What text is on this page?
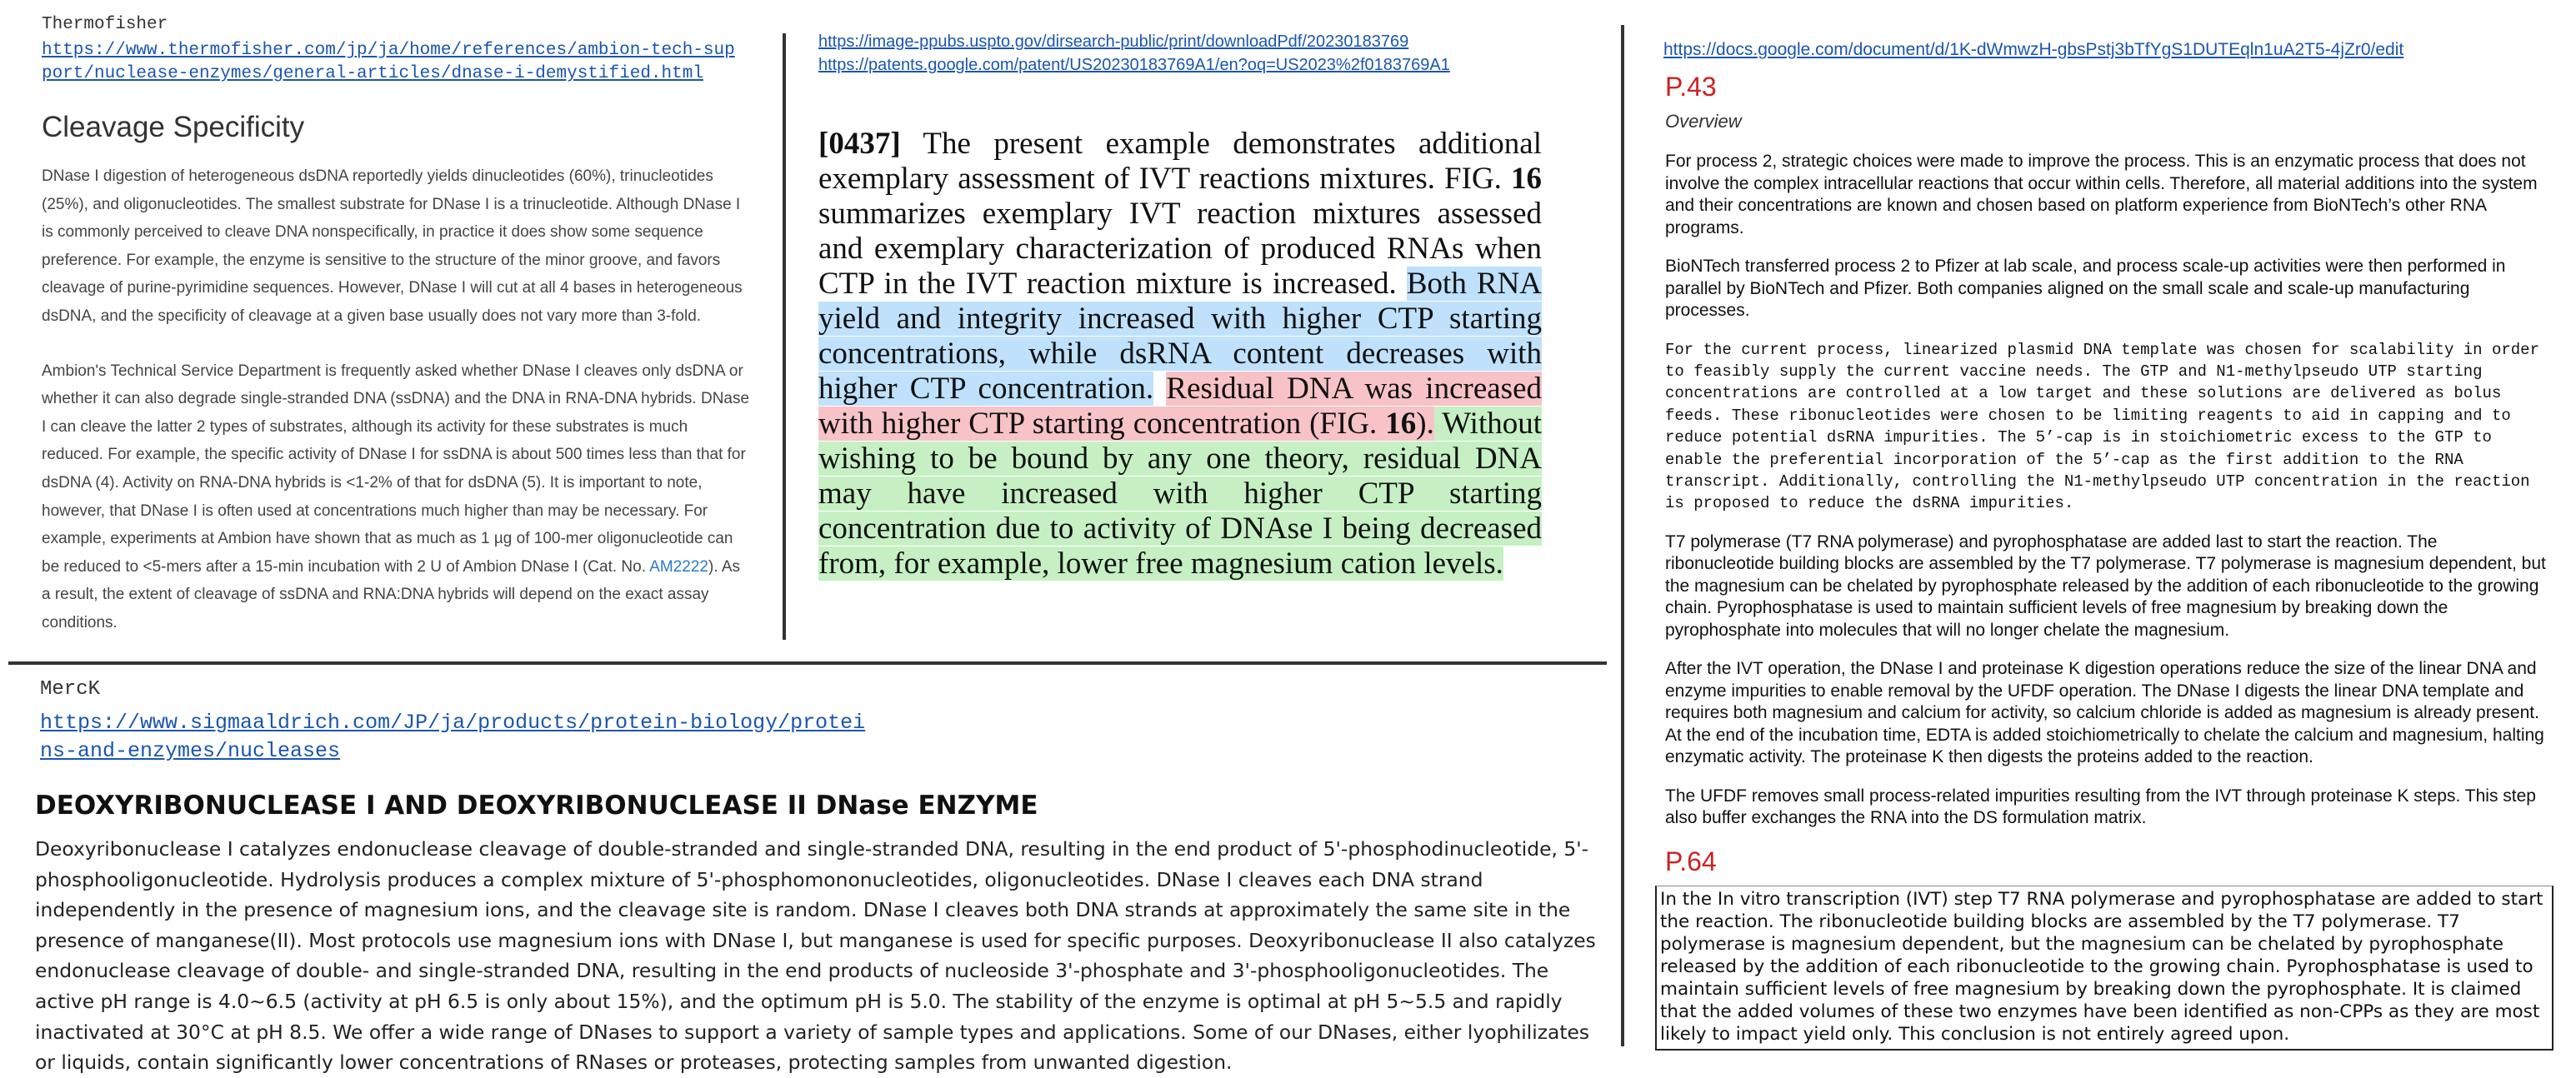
Thermofisher
https://www.thermofisher.com/jp/ja/home/references/ambion-tech-sup
port/nuclease-enzymes/general-articles/dnase-i-demystified.html
Cleavage Specificity

DNase I digestion of heterogeneous dsDNA reportedly yields dinucleotides (60%), trinucleotides (25%), and oligonucleotides. The smallest substrate for DNase I is a trinucleotide. Although DNase I is commonly perceived to cleave DNA nonspecifically, in practice it does show some sequence preference. For example, the enzyme is sensitive to the structure of the minor groove, and favors cleavage of purine-pyrimidine sequences. However, DNase I will cut at all 4 bases in heterogeneous dsDNA, and the specificity of cleavage at a given base usually does not vary more than 3-fold.

Ambion's Technical Service Department is frequently asked whether DNase I cleaves only dsDNA or whether it can also degrade single-stranded DNA (ssDNA) and the DNA in RNA-DNA hybrids. DNase I can cleave the latter 2 types of substrates, although its activity for these substrates is much reduced. For example, the specific activity of DNase I for ssDNA is about 500 times less than that for dsDNA (4). Activity on RNA-DNA hybrids is <1-2% of that for dsDNA (5). It is important to note, however, that DNase I is often used at concentrations much higher than may be necessary. For example, experiments at Ambion have shown that as much as 1 µg of 100-mer oligonucleotide can be reduced to <5-mers after a 15-min incubation with 2 U of Ambion DNase I (Cat. No. AM2222). As a result, the extent of cleavage of ssDNA and RNA:DNA hybrids will depend on the exact assay conditions.

https://image-ppubs.uspto.gov/dirsearch-public/print/downloadPdf/20230183769
https://patents.google.com/patent/US20230183769A1/en?oq=US2023%2f0183769A1
[0437] The present example demonstrates additional exemplary assessment of IVT reactions mixtures. FIG. 16 summarizes exemplary IVT reaction mixtures assessed and exemplary characterization of produced RNAs when CTP in the IVT reaction mixture is increased. Both RNA yield and integrity increased with higher CTP starting concentrations, while dsRNA content decreases with higher CTP concentration. Residual DNA was increased with higher CTP starting concentration (FIG. 16). Without wishing to be bound by any one theory, residual DNA may have increased with higher CTP starting concentration due to activity of DNAse I being decreased from, for example, lower free magnesium cation levels.
MercK
https://www.sigmaaldrich.com/JP/ja/products/protein-biology/protei
ns-and-enzymes/nucleases
DEOXYRIBONUCLEASE I AND DEOXYRIBONUCLEASE II DNase ENZYME

Deoxyribonuclease I catalyzes endonuclease cleavage of double-stranded and single-stranded DNA, resulting in the end product of 5'-phosphodinucleotide, 5'-phosphooligonucleotide. Hydrolysis produces a complex mixture of 5'-phosphomononucleotides, oligonucleotides. DNase I cleaves each DNA strand independently in the presence of magnesium ions, and the cleavage site is random. DNase I cleaves both DNA strands at approximately the same site in the presence of manganese(II). Most protocols use magnesium ions with DNase I, but manganese is used for specific purposes. Deoxyribonuclease II also catalyzes endonuclease cleavage of double- and single-stranded DNA, resulting in the end products of nucleoside 3'-phosphate and 3'-phosphooligonucleotides. The active pH range is 4.0~6.5 (activity at pH 6.5 is only about 15%), and the optimum pH is 5.0. The stability of the enzyme is optimal at pH 5~5.5 and rapidly inactivated at 30°C at pH 8.5. We offer a wide range of DNases to support a variety of sample types and applications. Some of our DNases, either lyophilizates or liquids, contain significantly lower concentrations of RNases or proteases, protecting samples from unwanted digestion.

https://docs.google.com/document/d/1K-dWmwzH-gbsPstj3bTfYgS1DUTEqln1uA2T5-4jZr0/edit
P.43
Overview

For process 2, strategic choices were made to improve the process. This is an enzymatic process that does not involve the complex intracellular reactions that occur within cells. Therefore, all material additions into the system and their concentrations are known and chosen based on platform experience from BioNTech’s other RNA programs.

BioNTech transferred process 2 to Pfizer at lab scale, and process scale-up activities were then performed in parallel by BioNTech and Pfizer. Both companies aligned on the small scale and scale-up manufacturing processes.

For the current process, linearized plasmid DNA template was chosen for scalability in order to feasibly supply the current vaccine needs. The GTP and N1-methylpseudo UTP starting concentrations are controlled at a low target and these solutions are delivered as bolus feeds. These ribonucleotides were chosen to be limiting reagents to aid in capping and to reduce potential dsRNA impurities. The 5’-cap is in stoichiometric excess to the GTP to enable the preferential incorporation of the 5’-cap as the first addition to the RNA transcript. Additionally, controlling the N1-methylpseudo UTP concentration in the reaction is proposed to reduce the dsRNA impurities.

T7 polymerase (T7 RNA polymerase) and pyrophosphatase are added last to start the reaction. The ribonucleotide building blocks are assembled by the T7 polymerase. T7 polymerase is magnesium dependent, but the magnesium can be chelated by pyrophosphate released by the addition of each ribonucleotide to the growing chain. Pyrophosphatase is used to maintain sufficient levels of free magnesium by breaking down the pyrophosphate into molecules that will no longer chelate the magnesium.

After the IVT operation, the DNase I and proteinase K digestion operations reduce the size of the linear DNA and enzyme impurities to enable removal by the UFDF operation. The DNase I digests the linear DNA template and requires both magnesium and calcium for activity, so calcium chloride is added as magnesium is already present. At the end of the incubation time, EDTA is added stoichiometrically to chelate the calcium and magnesium, halting enzymatic activity. The proteinase K then digests the proteins added to the reaction.

The UFDF removes small process-related impurities resulting from the IVT through proteinase K steps. This step also buffer exchanges the RNA into the DS formulation matrix.

P.64
In the In vitro transcription (IVT) step T7 RNA polymerase and pyrophosphatase are added to start the reaction. The ribonucleotide building blocks are assembled by the T7 polymerase. T7 polymerase is magnesium dependent, but the magnesium can be chelated by pyrophosphate released by the addition of each ribonucleotide to the growing chain. Pyrophosphatase is used to maintain sufficient levels of free magnesium by breaking down the pyrophosphate. It is claimed that the added volumes of these two enzymes have been identified as non-CPPs as they are most likely to impact yield only. This conclusion is not entirely agreed upon.
